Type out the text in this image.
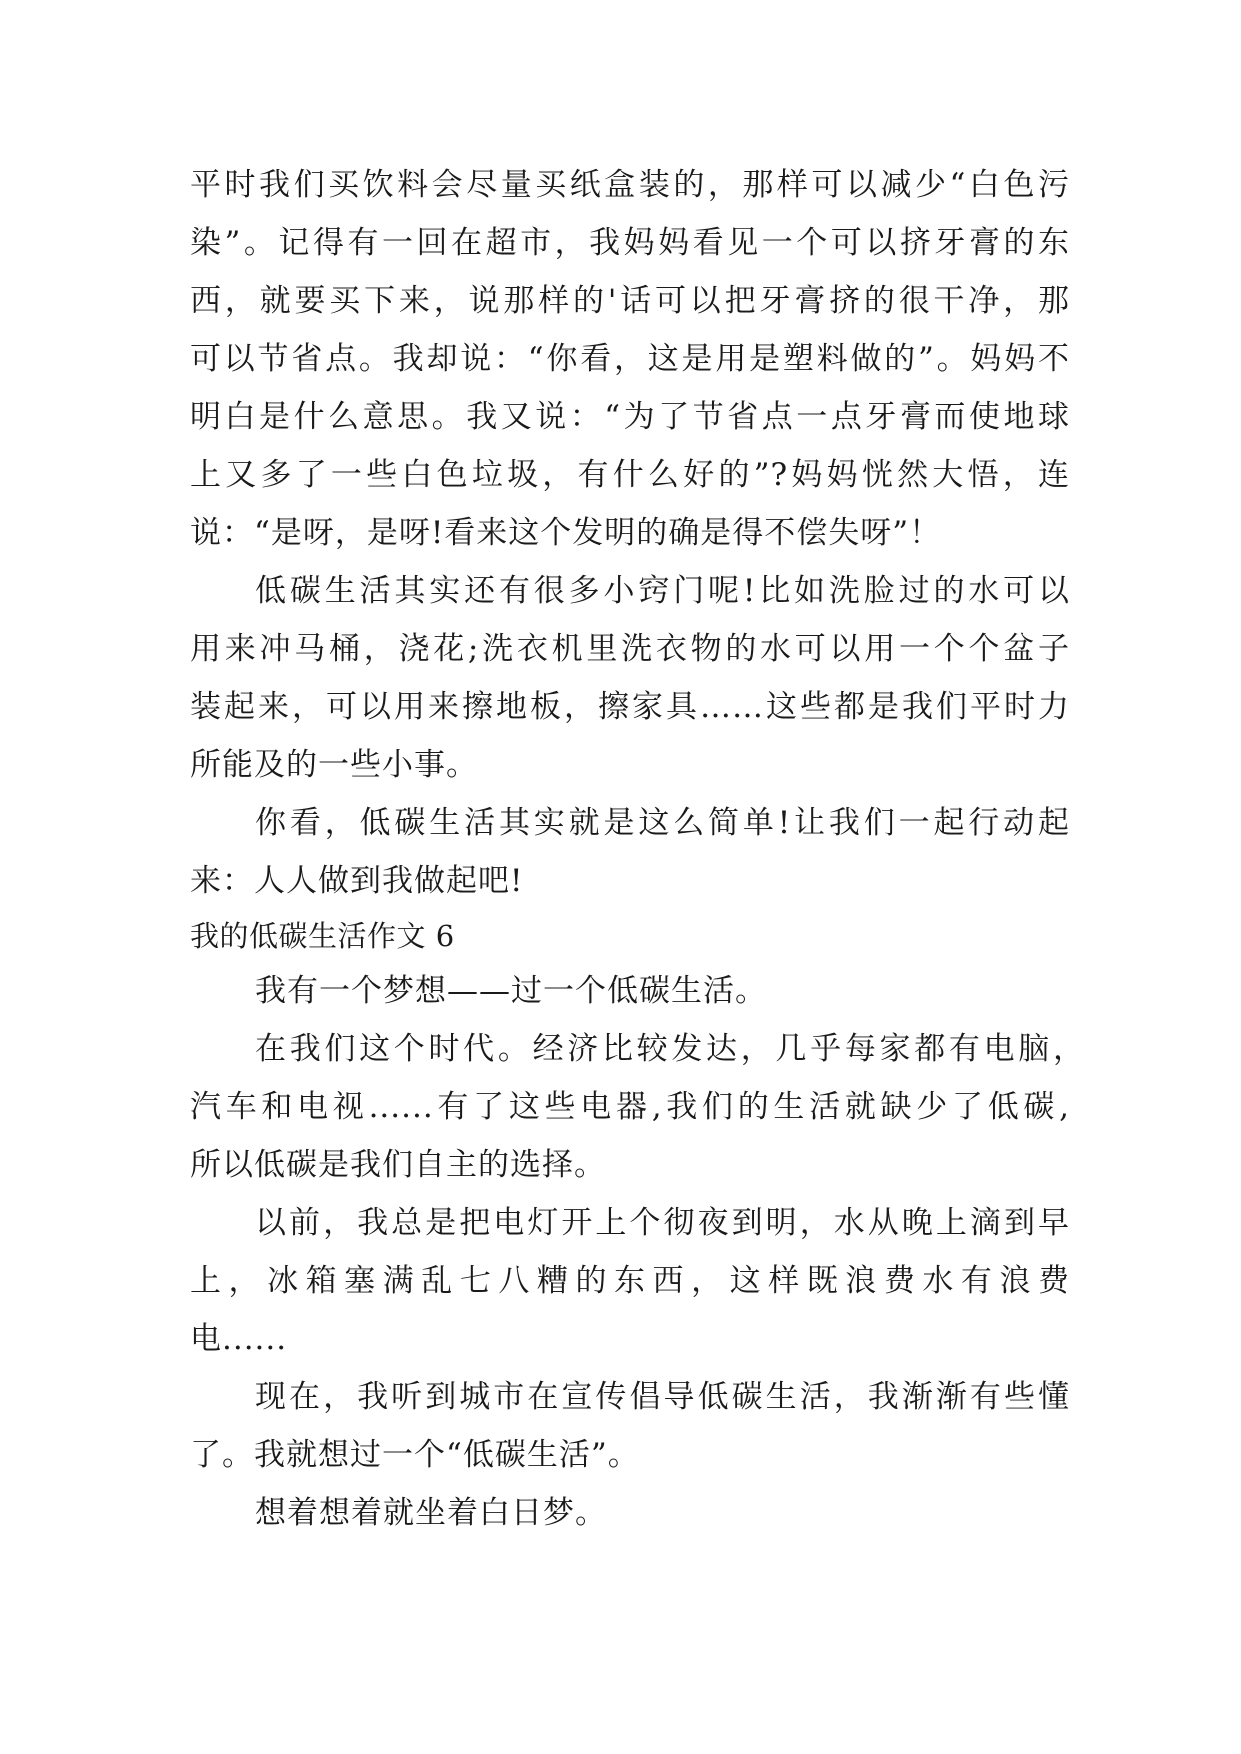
平时我们买饮料会尽量买纸盒装的，那样可以减少“白色污
染”。记得有一回在超市，我妈妈看见一个可以挤牙膏的东
西，就要买下来，说那样的'话可以把牙膏挤的很干净，那
可以节省点。我却说：“你看，这是用是塑料做的”。妈妈不
明白是什么意思。我又说：“为了节省点一点牙膏而使地球
上又多了一些白色垃圾，有什么好的”?妈妈恍然大悟，连
说：“是呀，是呀!看来这个发明的确是得不偿失呀”！
低碳生活其实还有很多小窍门呢!比如洗脸过的水可以
用来冲马桶，浇花;洗衣机里洗衣物的水可以用一个个盆子
装起来，可以用来擦地板，擦家具……这些都是我们平时力
所能及的一些小事。
你看，低碳生活其实就是这么简单!让我们一起行动起
来：人人做到我做起吧!
我的低碳生活作文 6
我有一个梦想——过一个低碳生活。
在我们这个时代。经济比较发达，几乎每家都有电脑，
汽车和电视......有了这些电器,我们的生活就缺少了低碳,
所以低碳是我们自主的选择。
以前，我总是把电灯开上个彻夜到明，水从晚上滴到早
上，冰箱塞满乱七八糟的东西，这样既浪费水有浪费
电......
现在，我听到城市在宣传倡导低碳生活，我渐渐有些懂
了。我就想过一个“低碳生活”。
想着想着就坐着白日梦。
